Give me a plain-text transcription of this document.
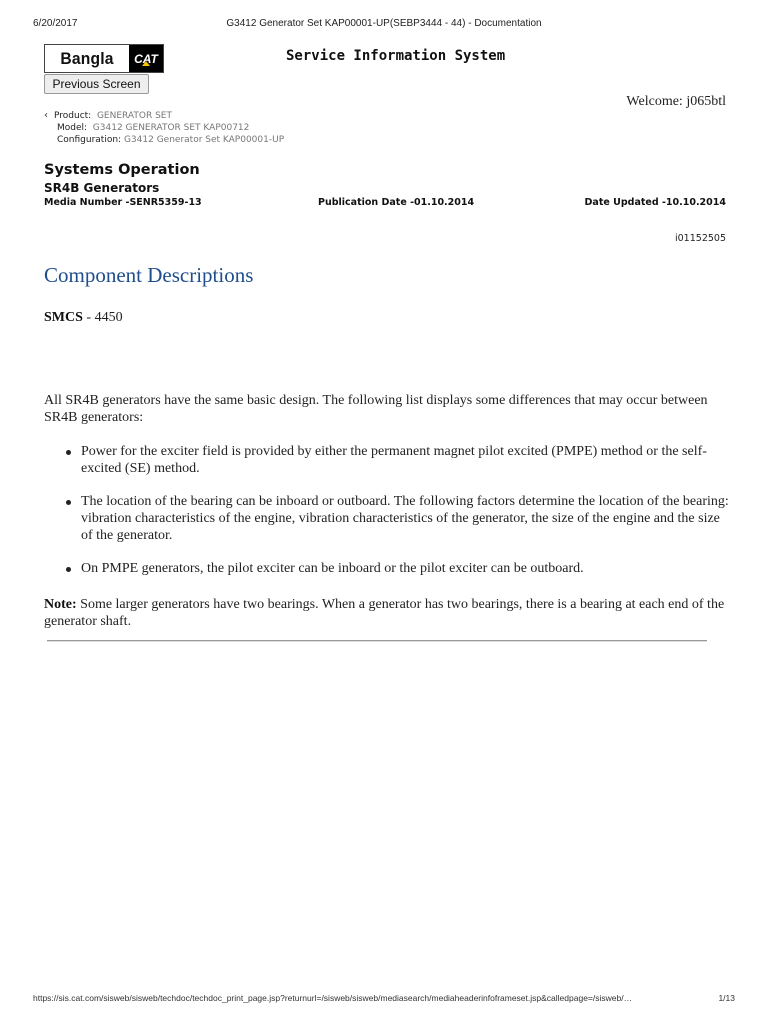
6/20/2017	G3412 Generator Set KAP00001-UP(SEBP3444 - 44) - Documentation
Bangla	CAT
Previous Screen
Service Information System
Welcome: j065btl
‹ Product: GENERATOR SET
Model: G3412 GENERATOR SET KAP00712
Configuration: G3412 Generator Set KAP00001-UP
Systems Operation
SR4B Generators
Media Number -SENR5359-13	Publication Date -01.10.2014	Date Updated -10.10.2014
i01152505
Component Descriptions
SMCS - 4450

All SR4B generators have the same basic design. The following list displays some differences that may occur between SR4B generators:

Power for the exciter field is provided by either the permanent magnet pilot excited (PMPE) method or the self-excited (SE) method.
The location of the bearing can be inboard or outboard. The following factors determine the location of the bearing: vibration characteristics of the engine, vibration characteristics of the generator, the size of the engine and the size of the generator.
On PMPE generators, the pilot exciter can be inboard or the pilot exciter can be outboard.

Note: Some larger generators have two bearings. When a generator has two bearings, there is a bearing at each end of the generator shaft.

https://sis.cat.com/sisweb/sisweb/techdoc/techdoc_print_page.jsp?returnurl=/sisweb/sisweb/mediasearch/mediaheaderinfoframeset.jsp&calledpage=/sisweb/…	1/13
